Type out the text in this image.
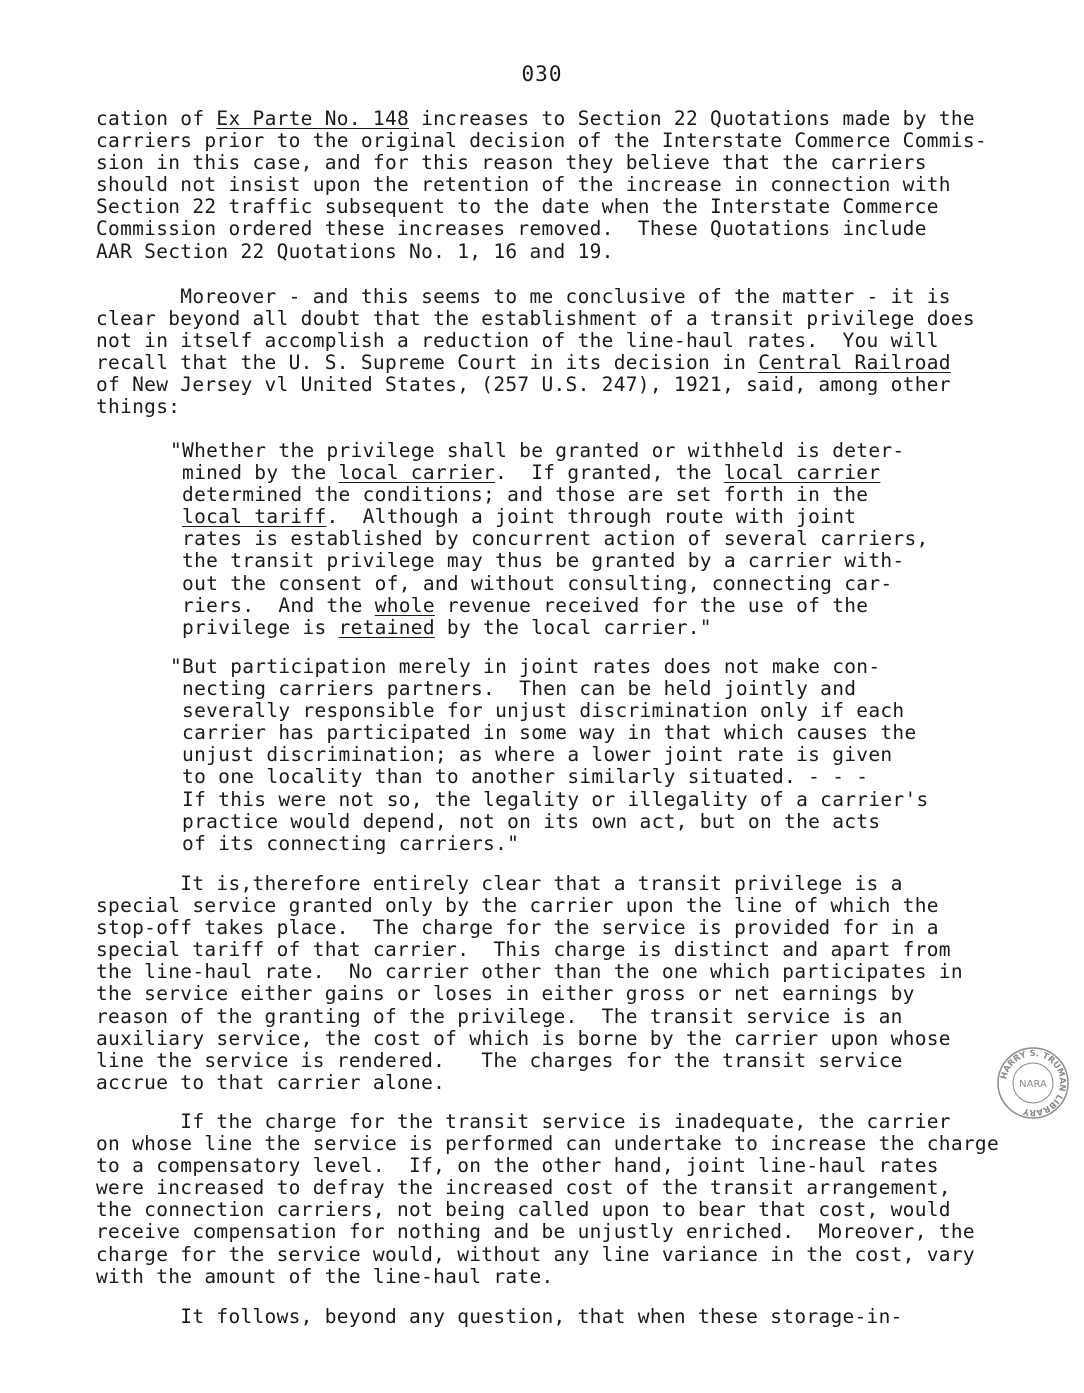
030
cation of Ex Parte No. 148 increases to Section 22 Quotations made by the
carriers prior to the original decision of the Interstate Commerce Commis-
sion in this case, and for this reason they believe that the carriers
should not insist upon the retention of the increase in connection with
Section 22 traffic subsequent to the date when the Interstate Commerce
Commission ordered these increases removed.  These Quotations include
AAR Section 22 Quotations No. 1, 16 and 19.
Moreover - and this seems to me conclusive of the matter - it is
clear beyond all doubt that the establishment of a transit privilege does
not in itself accomplish a reduction of the line-haul rates.  You will
recall that the U. S. Supreme Court in its decision in Central Railroad
of New Jersey vl United States, (257 U.S. 247), 1921, said, among other
things:
"Whether the privilege shall be granted or withheld is deter-
mined by the local carrier.  If granted, the local carrier
determined the conditions; and those are set forth in the
local tariff.  Although a joint through route with joint
rates is established by concurrent action of several carriers,
the transit privilege may thus be granted by a carrier with-
out the consent of, and without consulting, connecting car-
riers.  And the whole revenue received for the use of the
privilege is retained by the local carrier."
"But participation merely in joint rates does not make con-
necting carriers partners.  Then can be held jointly and
severally responsible for unjust discrimination only if each
carrier has participated in some way in that which causes the
unjust discrimination; as where a lower joint rate is given
to one locality than to another similarly situated. - - -
If this were not so, the legality or illegality of a carrier's
practice would depend, not on its own act, but on the acts
of its connecting carriers."
It is,therefore entirely clear that a transit privilege is a
special service granted only by the carrier upon the line of which the
stop-off takes place.  The charge for the service is provided for in a
special tariff of that carrier.  This charge is distinct and apart from
the line-haul rate.  No carrier other than the one which participates in
the service either gains or loses in either gross or net earnings by
reason of the granting of the privilege.  The transit service is an
auxiliary service, the cost of which is borne by the carrier upon whose
line the service is rendered.   The charges for the transit service
accrue to that carrier alone.
If the charge for the transit service is inadequate, the carrier
on whose line the service is performed can undertake to increase the charge
to a compensatory level.  If, on the other hand, joint line-haul rates
were increased to defray the increased cost of the transit arrangement,
the connection carriers, not being called upon to bear that cost, would
receive compensation for nothing and be unjustly enriched.  Moreover, the
charge for the service would, without any line variance in the cost, vary
with the amount of the line-haul rate.
It follows, beyond any question, that when these storage-in-
HARRY S. TRUMAN LIBRARY
NARA
